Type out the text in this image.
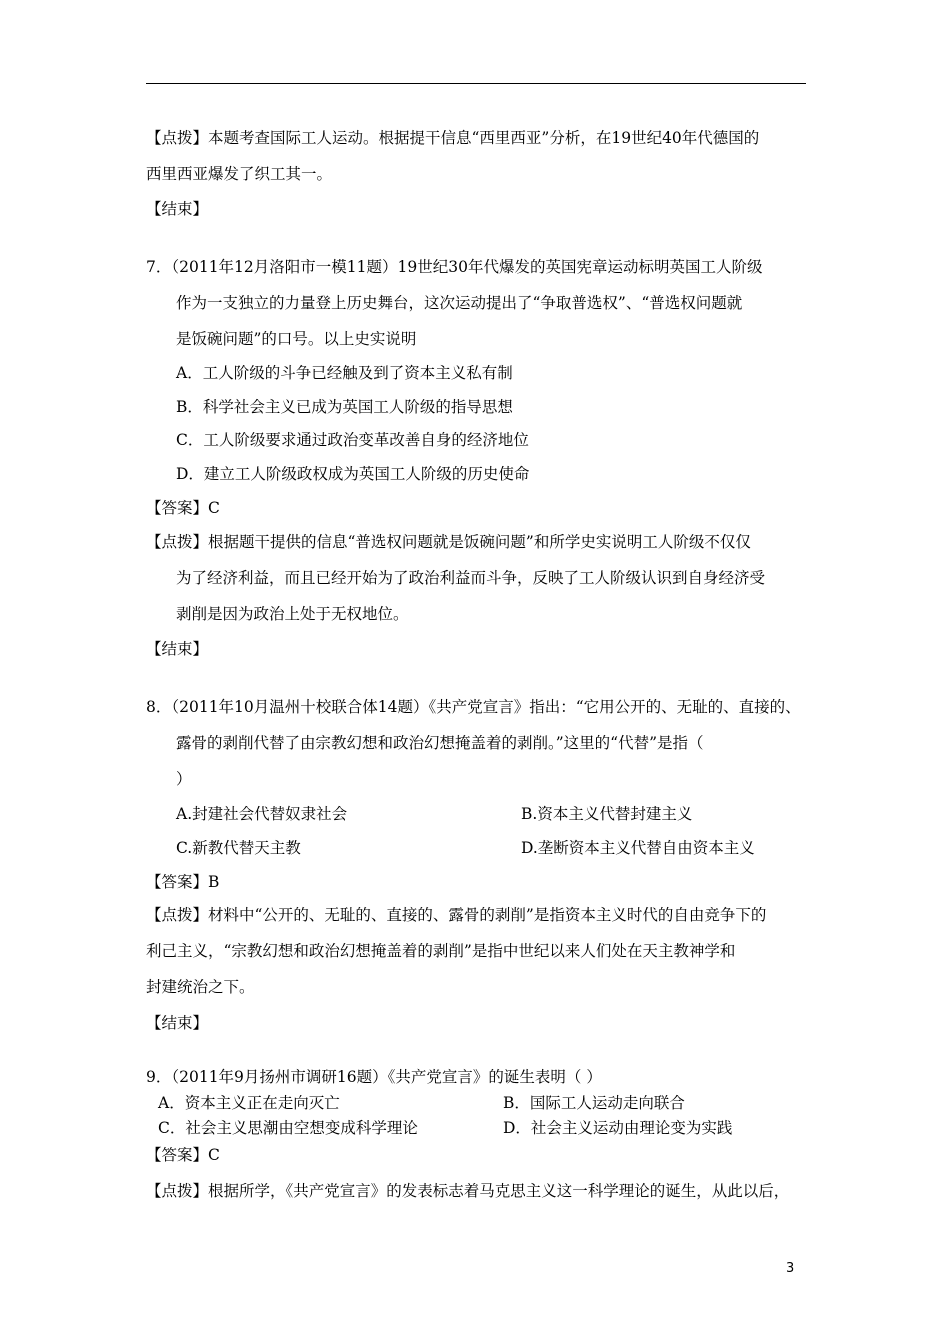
【点拨】本题考查国际工人运动。根据提干信息“西里西亚”分析，在19世纪40年代德国的
西里西亚爆发了织工其一。
【结束】
7．（2011年12月洛阳市一模11题）19世纪30年代爆发的英国宪章运动标明英国工人阶级
作为一支独立的力量登上历史舞台，这次运动提出了“争取普选权”、“普选权问题就
是饭碗问题”的口号。以上史实说明
A．工人阶级的斗争已经触及到了资本主义私有制
B．科学社会主义已成为英国工人阶级的指导思想
C．工人阶级要求通过政治变革改善自身的经济地位
D．建立工人阶级政权成为英国工人阶级的历史使命
【答案】C
【点拨】根据题干提供的信息“普选权问题就是饭碗问题”和所学史实说明工人阶级不仅仅
为了经济利益，而且已经开始为了政治利益而斗争，反映了工人阶级认识到自身经济受
剥削是因为政治上处于无权地位。
【结束】
8．（2011年10月温州十校联合体14题）《共产党宣言》指出：“它用公开的、无耻的、直接的、
露骨的剥削代替了由宗教幻想和政治幻想掩盖着的剥削。”这里的“代替”是指（
）
A.封建社会代替奴隶社会	B.资本主义代替封建主义
C.新教代替天主教	D.垄断资本主义代替自由资本主义
【答案】B
【点拨】材料中“公开的、无耻的、直接的、露骨的剥削”是指资本主义时代的自由竞争下的
利己主义，“宗教幻想和政治幻想掩盖着的剥削”是指中世纪以来人们处在天主教神学和
封建统治之下。
【结束】
9．（2011年9月扬州市调研16题）《共产党宣言》的诞生表明（ ）
A．资本主义正在走向灭亡	B．国际工人运动走向联合
C．社会主义思潮由空想变成科学理论	D．社会主义运动由理论变为实践
【答案】C
【点拨】根据所学，《共产党宣言》的发表标志着马克思主义这一科学理论的诞生，从此以后，
3
